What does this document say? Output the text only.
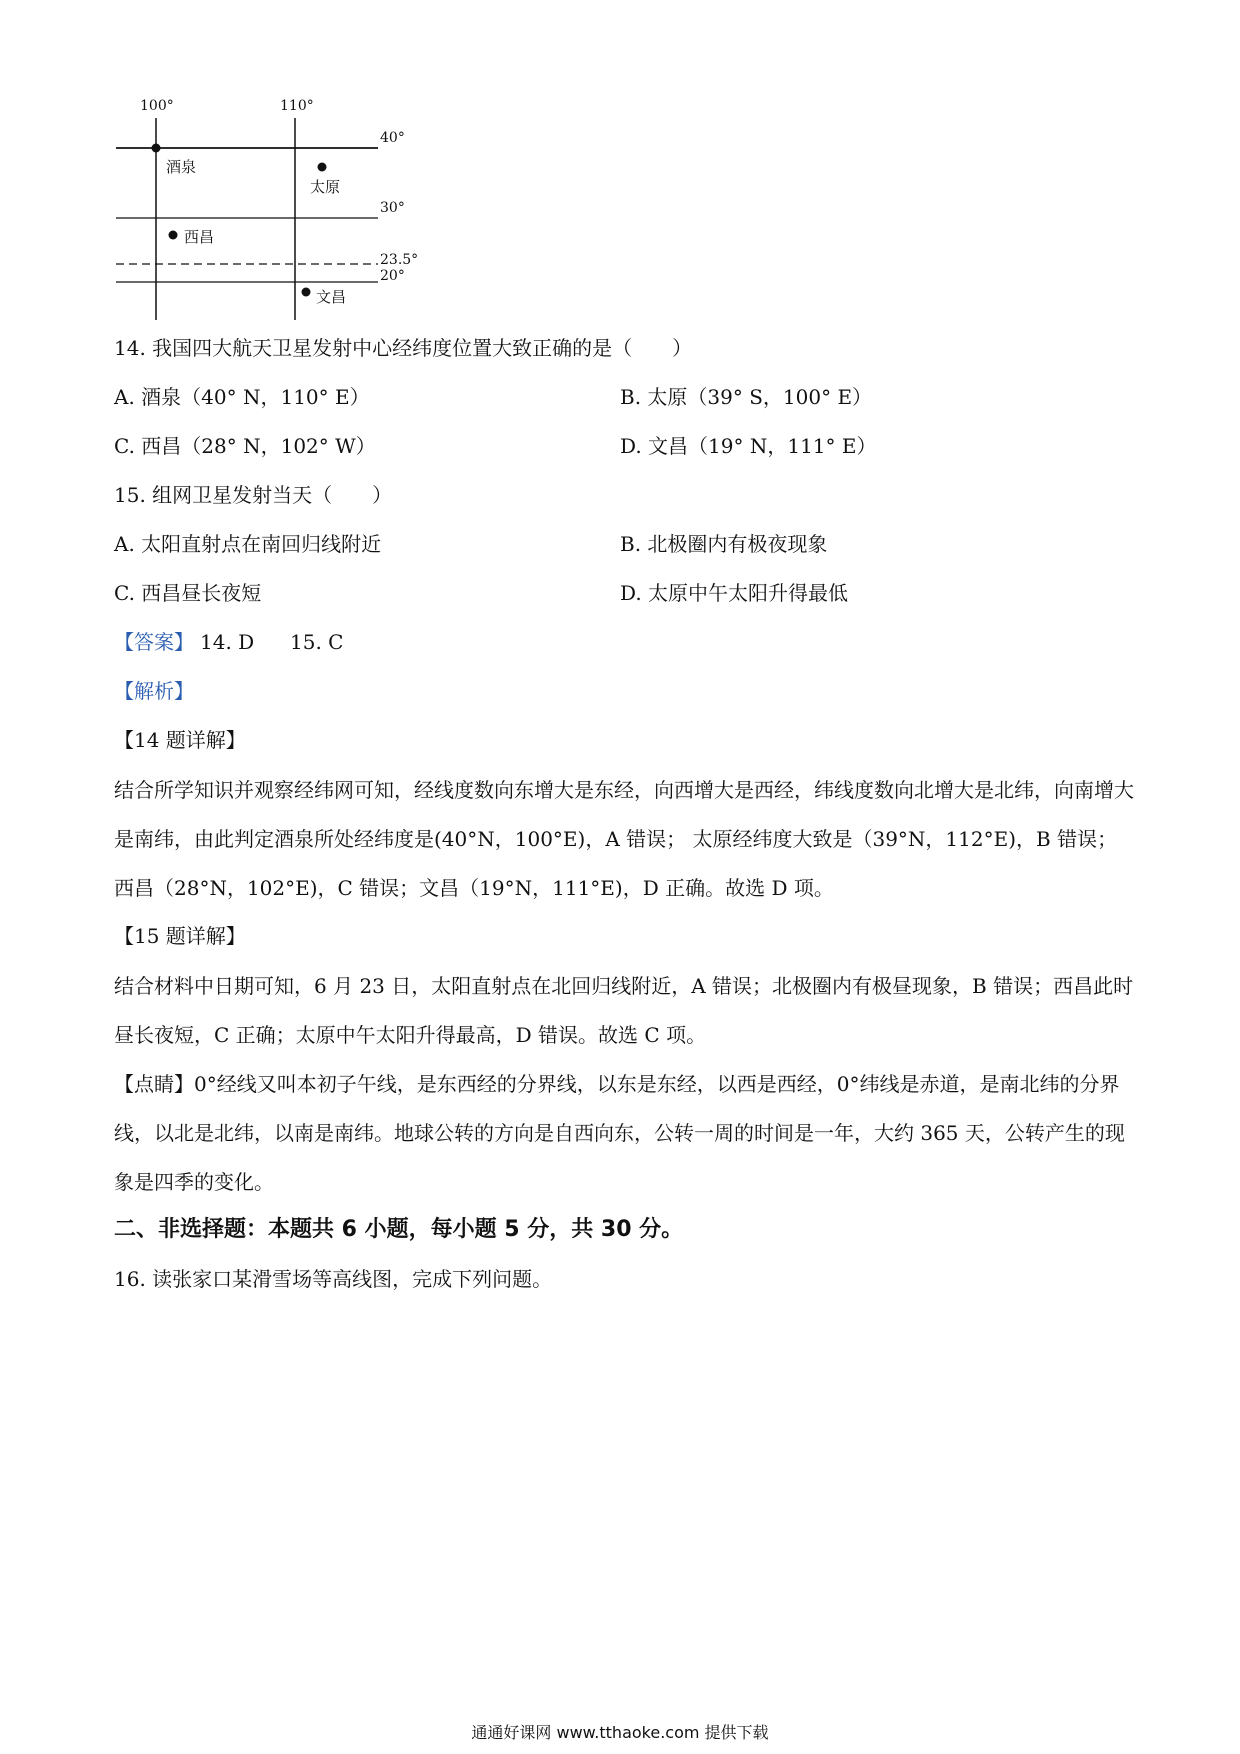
100°	110°
40°
30°
23.5°
20°
酒泉
太原
西昌
文昌
14. 我国四大航天卫星发射中心经纬度位置大致正确的是（　　）
A. 酒泉（40° N，110° E）	B. 太原（39° S，100° E）
C. 西昌（28° N，102° W）	D. 文昌（19° N，111° E）
15. 组网卫星发射当天（　　）
A. 太阳直射点在南回归线附近	B. 北极圈内有极夜现象
C. 西昌昼长夜短	D. 太原中午太阳升得最低
【答案】 14. D 15. C
【解析】
【14 题详解】
结合所学知识并观察经纬网可知，经线度数向东增大是东经，向西增大是西经，纬线度数向北增大是北纬，向南增大是南纬，由此判定酒泉所处经纬度是(40°N，100°E)，A 错误； 太原经纬度大致是（39°N，112°E)，B 错误；西昌（28°N，102°E)，C 错误；文昌（19°N，111°E)，D 正确。故选 D 项。
【15 题详解】
结合材料中日期可知，6 月 23 日，太阳直射点在北回归线附近，A 错误；北极圈内有极昼现象，B 错误；西昌此时昼长夜短，C 正确；太原中午太阳升得最高，D 错误。故选 C 项。
【点睛】0°经线又叫本初子午线，是东西经的分界线，以东是东经，以西是西经，0°纬线是赤道，是南北纬的分界线，以北是北纬，以南是南纬。地球公转的方向是自西向东，公转一周的时间是一年，大约 365 天，公转产生的现象是四季的变化。
二、非选择题：本题共 6 小题，每小题 5 分，共 30 分。
16. 读张家口某滑雪场等高线图，完成下列问题。
通通好课网 www.tthaoke.com 提供下载
